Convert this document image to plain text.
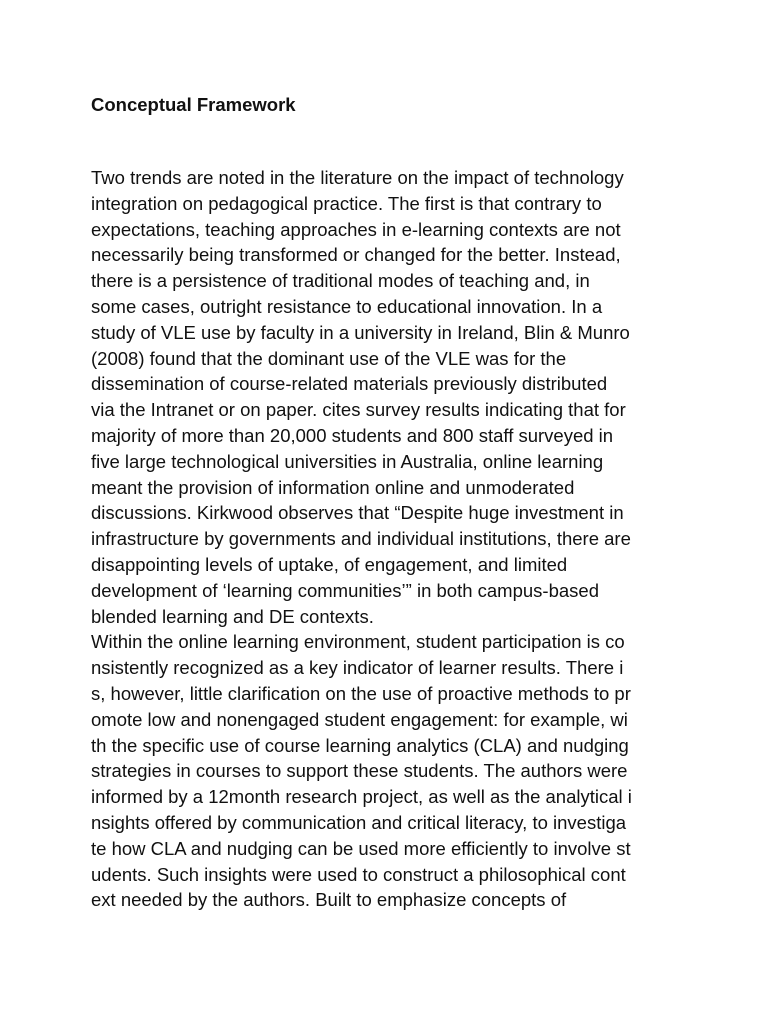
Conceptual Framework
Two trends are noted in the literature on the impact of technology
integration on pedagogical practice. The first is that contrary to
expectations, teaching approaches in e-learning contexts are not
necessarily being transformed or changed for the better. Instead,
there is a persistence of traditional modes of teaching and, in
some cases, outright resistance to educational innovation. In a
study of VLE use by faculty in a university in Ireland, Blin & Munro
(2008) found that the dominant use of the VLE was for the
dissemination of course-related materials previously distributed
via the Intranet or on paper. cites survey results indicating that for
majority of more than 20,000 students and 800 staff surveyed in
five large technological universities in Australia, online learning
meant the provision of information online and unmoderated
discussions. Kirkwood observes that “Despite huge investment in
infrastructure by governments and individual institutions, there are
disappointing levels of uptake, of engagement, and limited
development of ‘learning communities’” in both campus-based
blended learning and DE contexts.
Within the online learning environment, student participation is co
nsistently recognized as a key indicator of learner results. There i
s, however, little clarification on the use of proactive methods to pr
omote low and nonengaged student engagement: for example, wi
th the specific use of course learning analytics (CLA) and nudging
strategies in courses to support these students. The authors were
informed by a 12month research project, as well as the analytical i
nsights offered by communication and critical literacy, to investiga
te how CLA and nudging can be used more efficiently to involve st
udents. Such insights were used to construct a philosophical cont
ext needed by the authors. Built to emphasize concepts of
